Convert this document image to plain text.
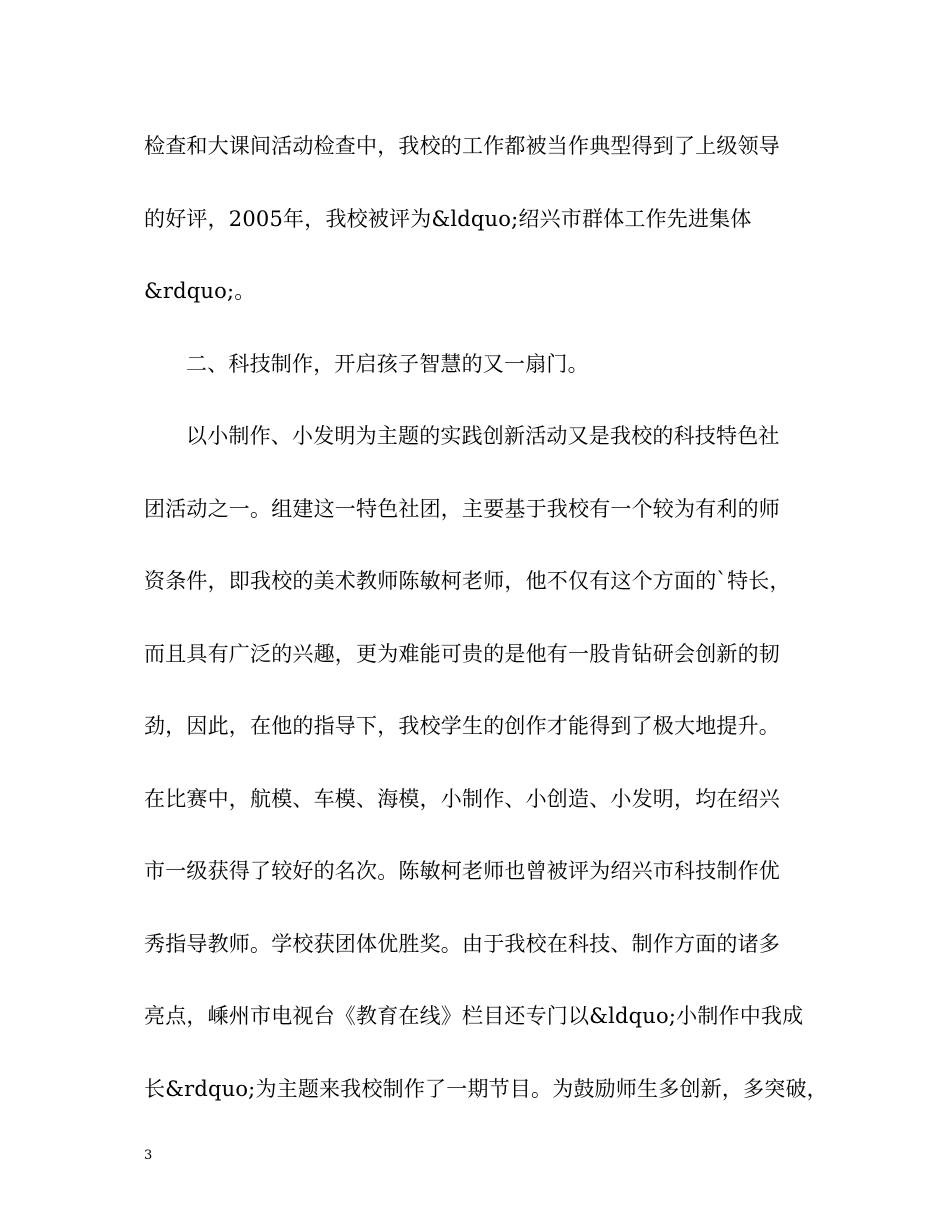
检查和大课间活动检查中，我校的工作都被当作典型得到了上级领导
的好评，2005年，我校被评为&ldquo;绍兴市群体工作先进集体
&rdquo;。
二、科技制作，开启孩子智慧的又一扇门。
以小制作、小发明为主题的实践创新活动又是我校的科技特色社
团活动之一。组建这一特色社团，主要基于我校有一个较为有利的师
资条件，即我校的美术教师陈敏柯老师，他不仅有这个方面的`特长，
而且具有广泛的兴趣，更为难能可贵的是他有一股肯钻研会创新的韧
劲，因此，在他的指导下，我校学生的创作才能得到了极大地提升。
在比赛中，航模、车模、海模，小制作、小创造、小发明，均在绍兴
市一级获得了较好的名次。陈敏柯老师也曾被评为绍兴市科技制作优
秀指导教师。学校获团体优胜奖。由于我校在科技、制作方面的诸多
亮点，嵊州市电视台《教育在线》栏目还专门以&ldquo;小制作中我成
长&rdquo;为主题来我校制作了一期节目。为鼓励师生多创新，多突破，
3
